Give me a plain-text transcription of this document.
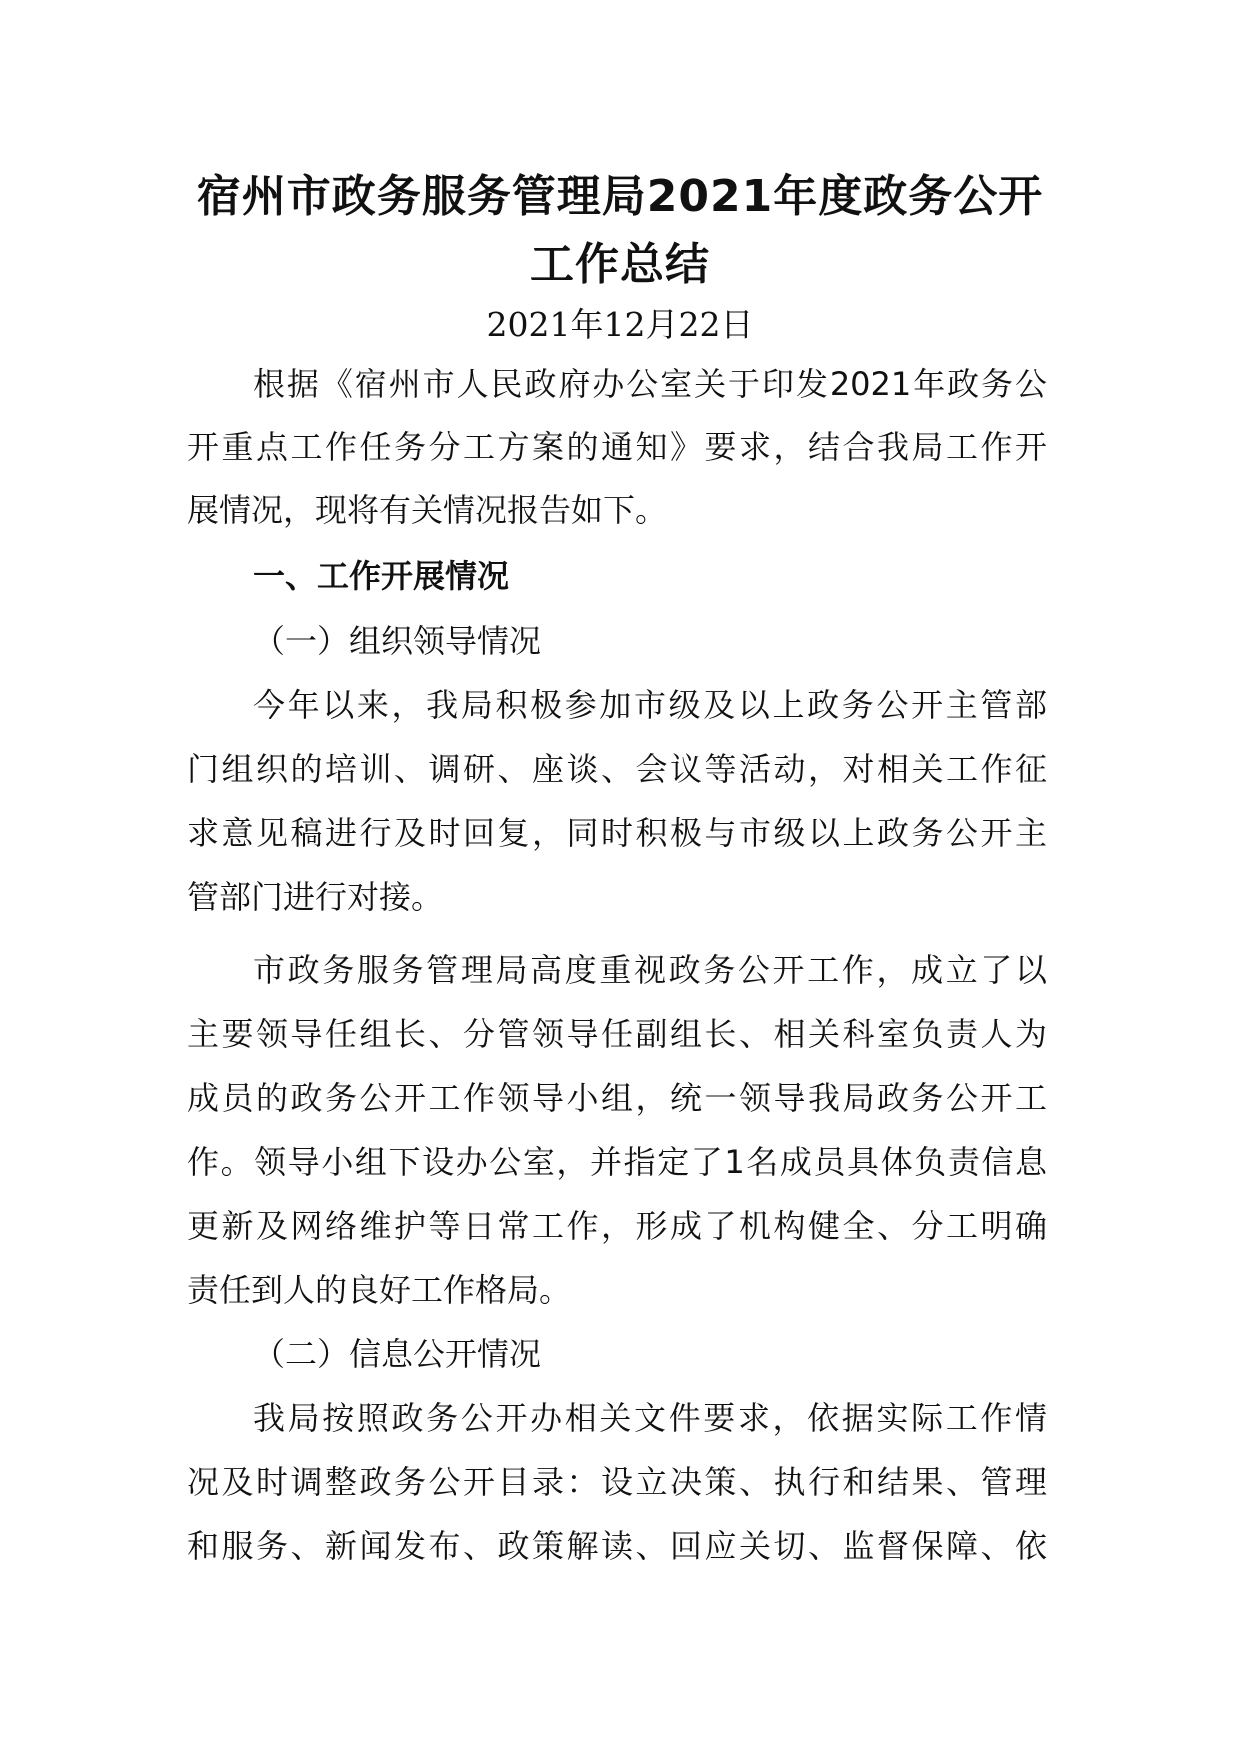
宿州市政务服务管理局2021年度政务公开
工作总结
2021年12月22日
根据《宿州市人民政府办公室关于印发2021年政务公
开重点工作任务分工方案的通知》要求，结合我局工作开
展情况，现将有关情况报告如下。
一、工作开展情况
（一）组织领导情况
今年以来，我局积极参加市级及以上政务公开主管部
门组织的培训、调研、座谈、会议等活动，对相关工作征
求意见稿进行及时回复，同时积极与市级以上政务公开主
管部门进行对接。
市政务服务管理局高度重视政务公开工作，成立了以
主要领导任组长、分管领导任副组长、相关科室负责人为
成员的政务公开工作领导小组，统一领导我局政务公开工
作。领导小组下设办公室，并指定了1名成员具体负责信息
更新及网络维护等日常工作，形成了机构健全、分工明确
责任到人的良好工作格局。
（二）信息公开情况
我局按照政务公开办相关文件要求，依据实际工作情
况及时调整政务公开目录：设立决策、执行和结果、管理
和服务、新闻发布、政策解读、回应关切、监督保障、依
